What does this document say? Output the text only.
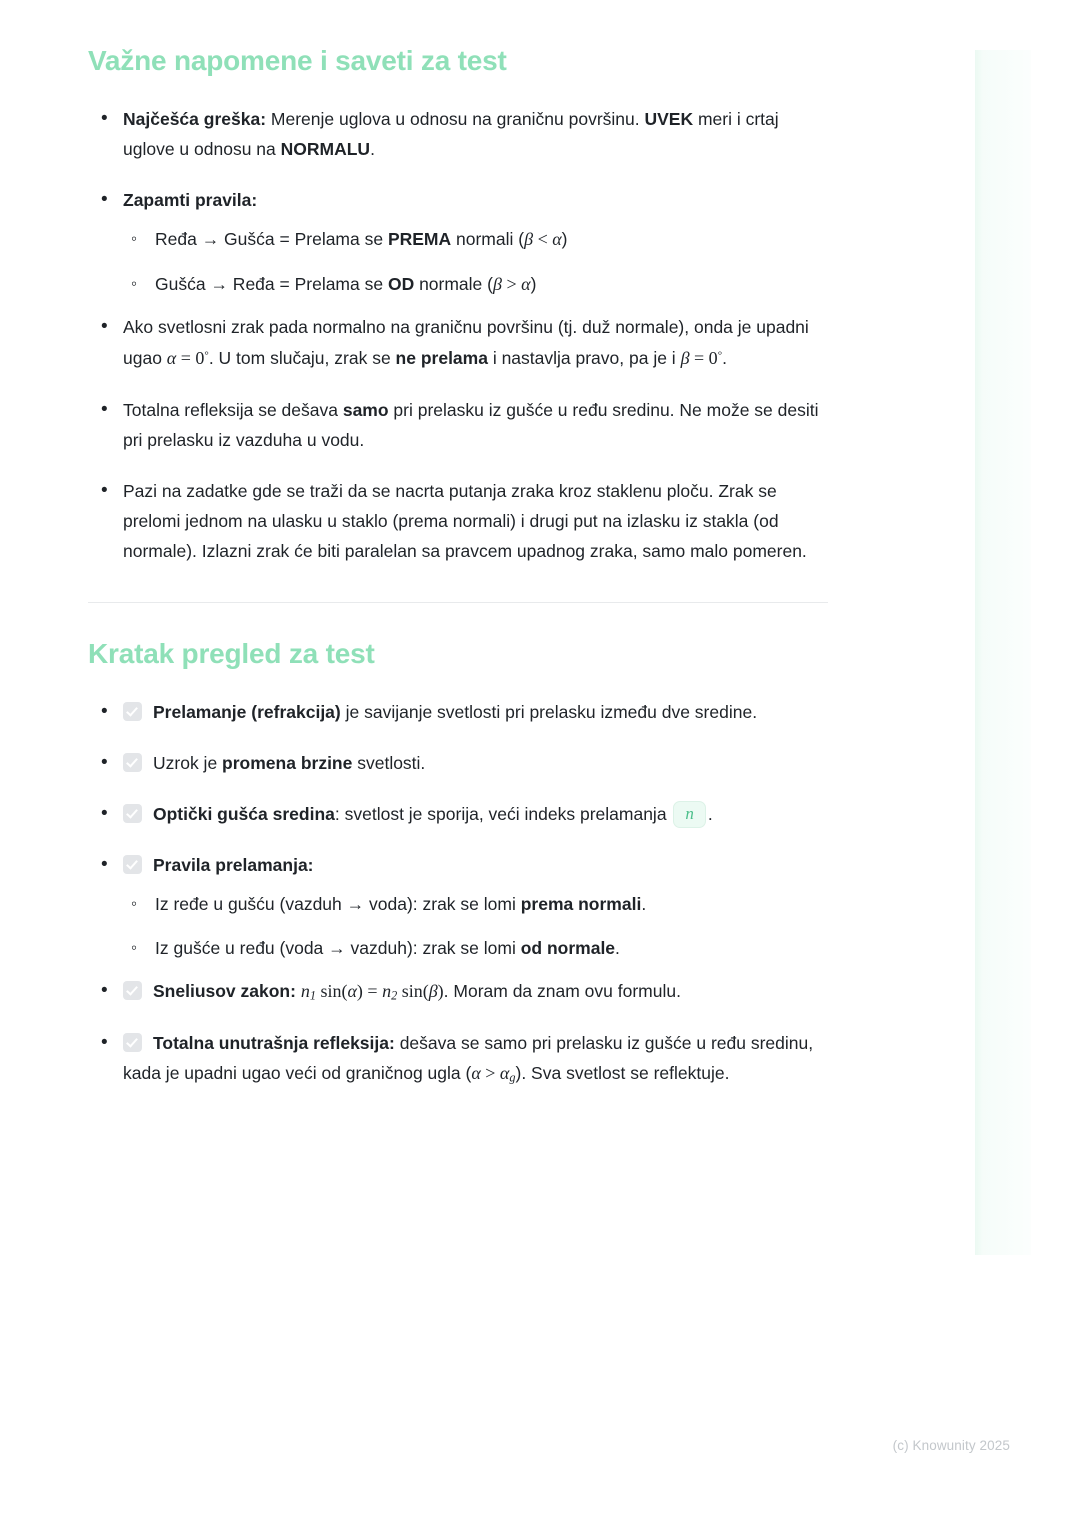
Važne napomene i saveti za test
• Najčešća greška: Merenje uglova u odnosu na graničnu površinu. UVEK meri i crtaj uglove u odnosu na NORMALU.
• Zapamti pravila:
◦ Ređa → Gušća = Prelama se PREMA normali (β < α)
◦ Gušća → Ređa = Prelama se OD normale (β > α)
• Ako svetlosni zrak pada normalno na graničnu površinu (tj. duž normale), onda je upadni ugao α = 0°. U tom slučaju, zrak se ne prelama i nastavlja pravo, pa je i β = 0°.
• Totalna refleksija se dešava samo pri prelasku iz gušće u ređu sredinu. Ne može se desiti pri prelasku iz vazduha u vodu.
• Pazi na zadatke gde se traži da se nacrta putanja zraka kroz staklenu ploču. Zrak se prelomi jednom na ulasku u staklo (prema normali) i drugi put na izlasku iz stakla (od normale). Izlazni zrak će biti paralelan sa pravcem upadnog zraka, samo malo pomeren.
Kratak pregled za test
• Prelamanje (refrakcija) je savijanje svetlosti pri prelasku između dve sredine.
• Uzrok je promena brzine svetlosti.
• Optički gušća sredina: svetlost je sporija, veći indeks prelamanja n .
• Pravila prelamanja:
◦ Iz ređe u gušću (vazduh → voda): zrak se lomi prema normali.
◦ Iz gušće u ređu (voda → vazduh): zrak se lomi od normale.
• Sneliusov zakon: $n_1$ $\sin(\alpha) = n_2$ sin(β). Moram da znam ovu formulu.
• Totalna unutrašnja refleksija: dešava se samo pri prelasku iz gušće u ređu sredinu, kada je upadni ugao veći od graničnog ugla $(\alpha > \alpha_g)$. Sva svetlost se reflektuje.
(c) Knowunity 2025
